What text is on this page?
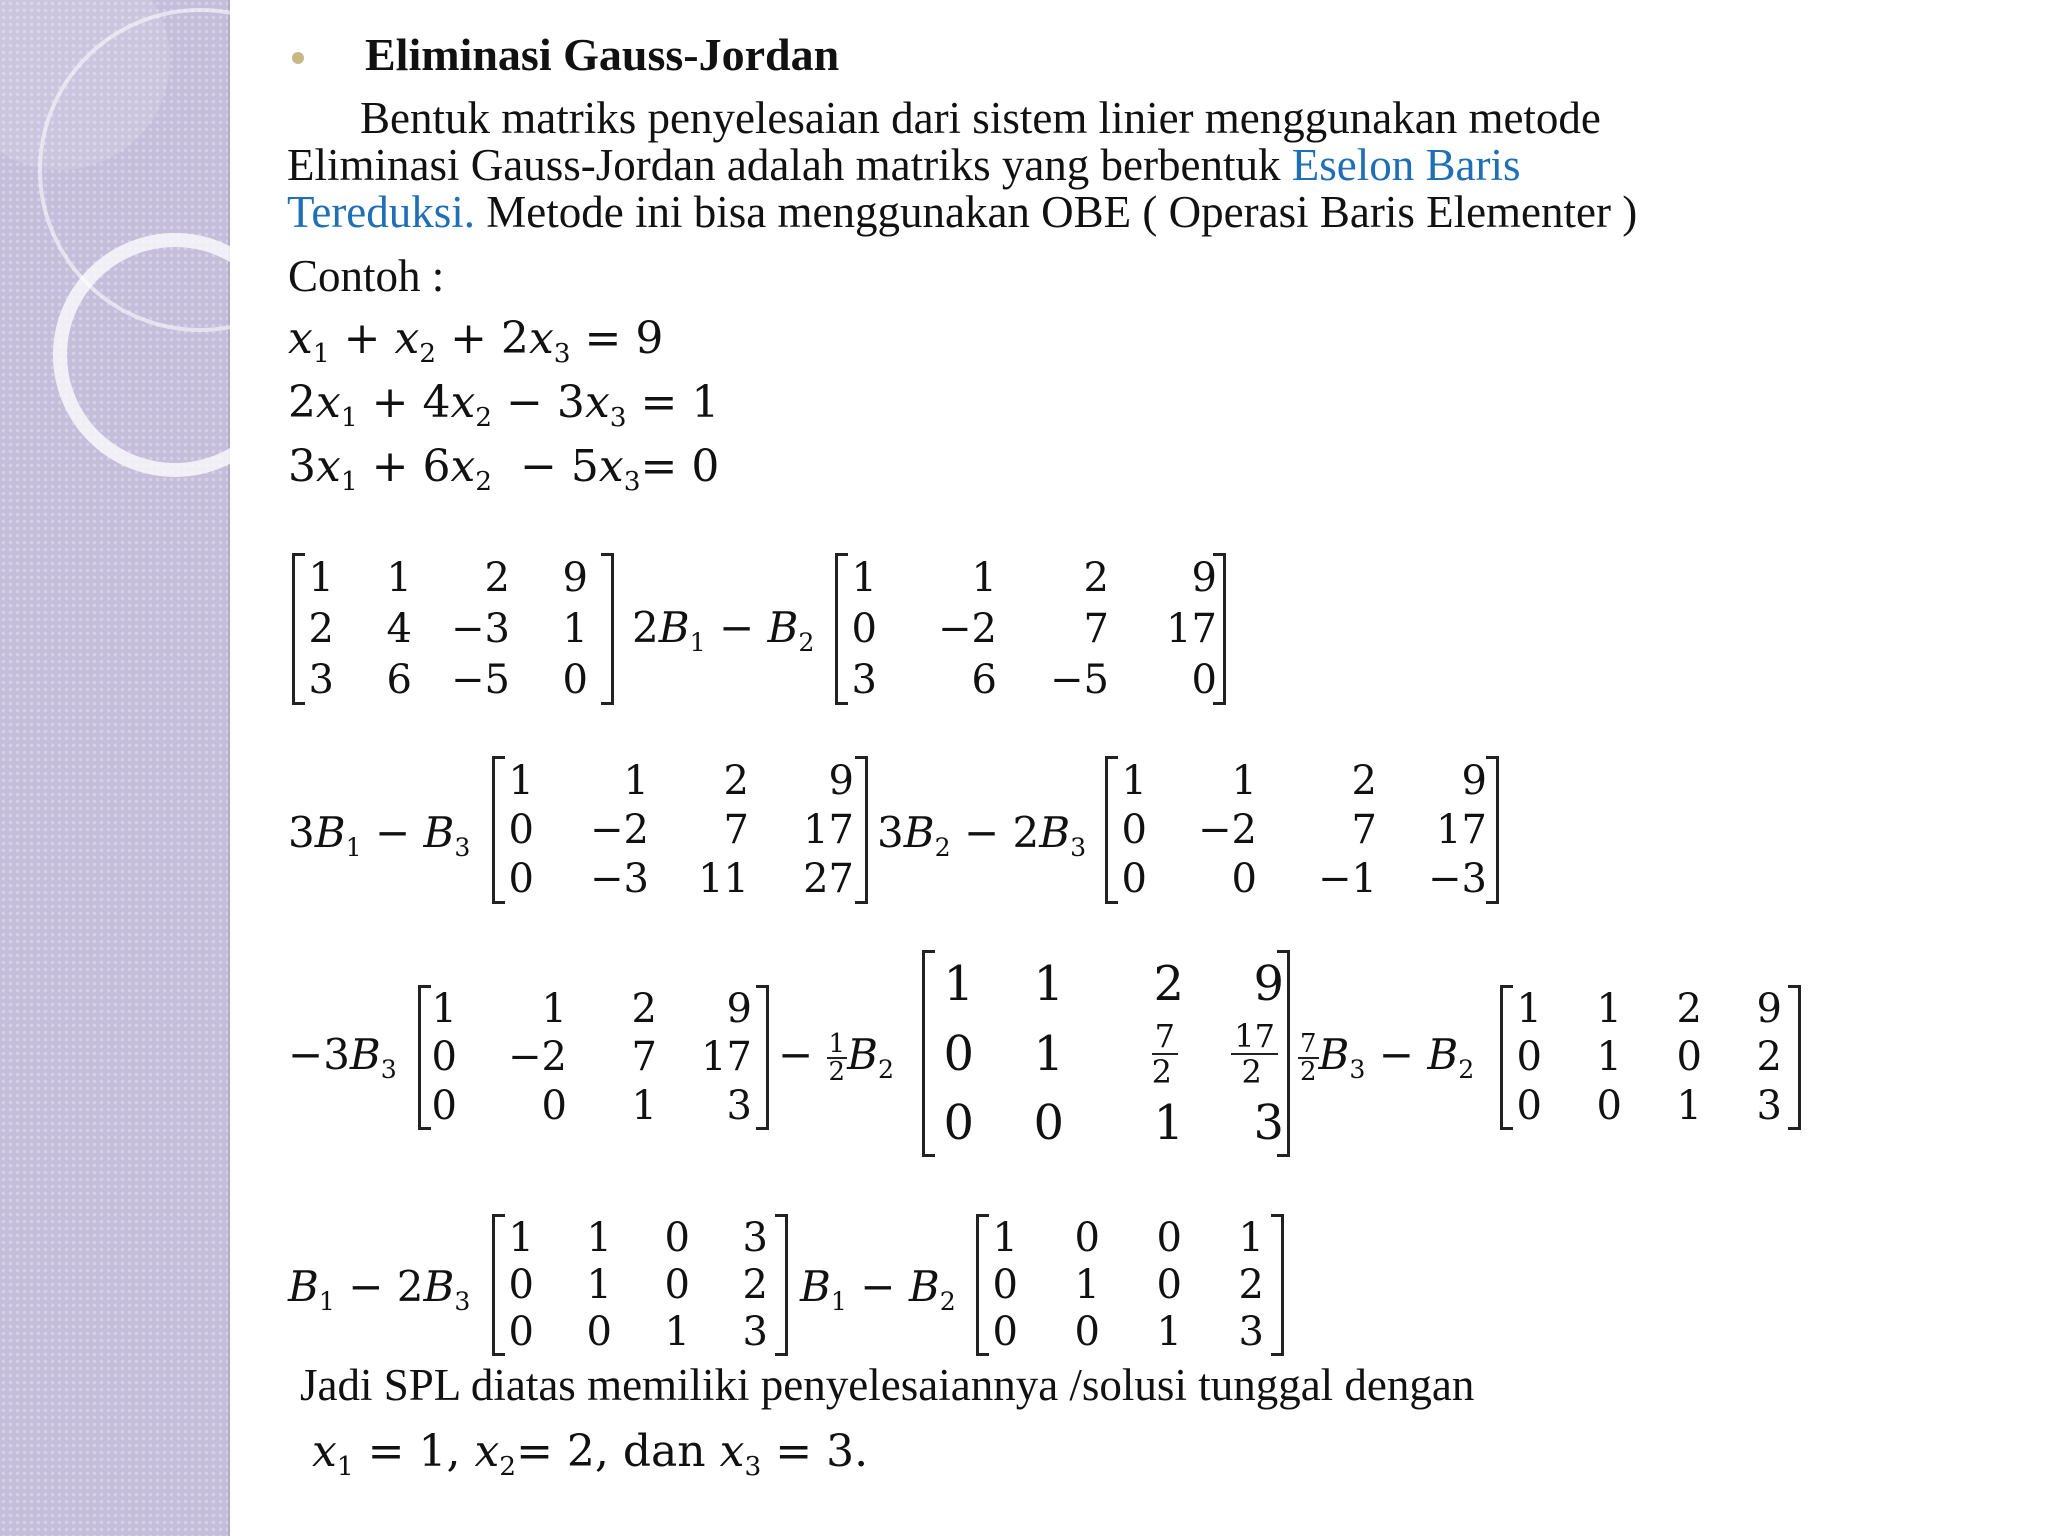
Eliminasi Gauss-Jordan
Bentuk matriks penyelesaian dari sistem linier menggunakan metode
Eliminasi Gauss-Jordan adalah matriks yang berbentuk Eselon Baris
Tereduksi. Metode ini bisa menggunakan OBE ( Operasi Baris Elementer )
Contoh :
$x_1 + x_2 + 2x_3 = 9$
$2x_1 + 4x_2 - 3x_3 = 1$
$3x_1 + 6x_2 - 5x_3= 0$
1	1	2	9
2	4 −3	1
3	6 −5	0
$2B_1 - B_2$
1	1	2	9
0	−2	7	17
3	6	−5	0
$3B_1 - B_3$
1	1	2	9
0	−2	7	17
0	−3	11	27
$3B_2 - 2B_3$
1	1	2	9
0	−2	7	17
0	0	−1	−3
$-3B_3$
1	1	2	9
0	−2	7	17
0	0	1	3
− $\frac{1}{2} B_2$
1	1	2	9
0	1	$\frac{7}{2} \frac{17}{2}$
0	0	1	3
$\frac{7}{2} B_3 - B_2$
1	1	2	9
0	1	0	2
0	0	1	3
$B_1 - 2B_3$
1	1	0	3
0	1	0	2
0	0	1	3
$B_1 - B_2$
1	0	0	1
0	1	0	2
0	0	1	3
Jadi SPL diatas memiliki penyelesaiannya /solusi tunggal dengan
$x_1 = 1$, $x_2= 2$, dan $x_3 = 3$.
